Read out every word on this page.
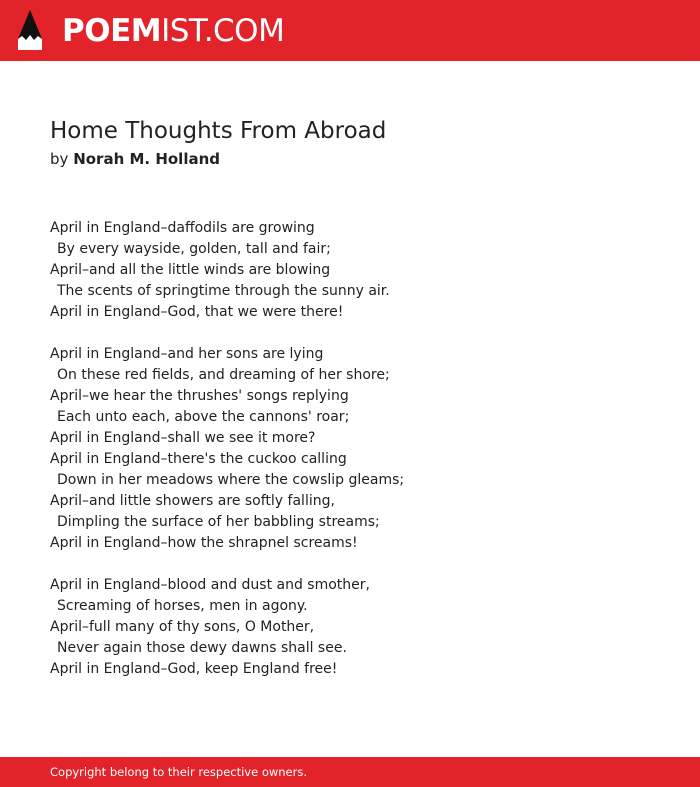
POEMIST.COM
Home Thoughts From Abroad
by Norah M. Holland
April in England–daffodils are growing
By every wayside, golden, tall and fair;
April–and all the little winds are blowing
The scents of springtime through the sunny air.
April in England–God, that we were there!
April in England–and her sons are lying
On these red fields, and dreaming of her shore;
April–we hear the thrushes' songs replying
Each unto each, above the cannons' roar;
April in England–shall we see it more?
April in England–there's the cuckoo calling
Down in her meadows where the cowslip gleams;
April–and little showers are softly falling,
Dimpling the surface of her babbling streams;
April in England–how the shrapnel screams!
April in England–blood and dust and smother,
Screaming of horses, men in agony.
April–full many of thy sons, O Mother,
Never again those dewy dawns shall see.
April in England–God, keep England free!
Copyright belong to their respective owners.
